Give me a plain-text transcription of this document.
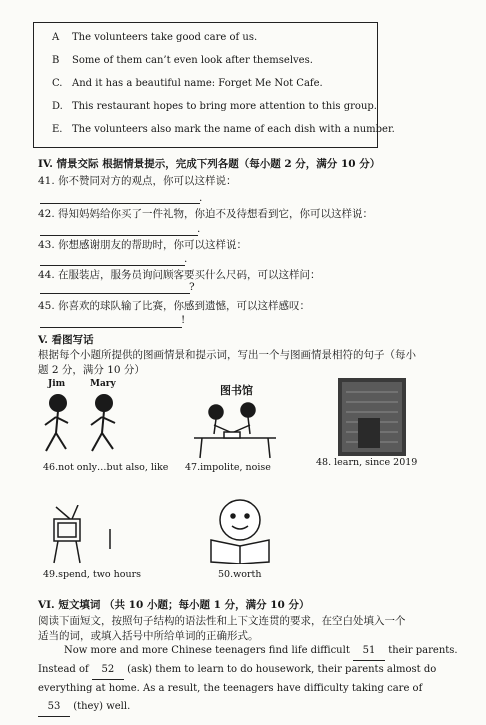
A The volunteers take good care of us.
B Some of them can’t even look after themselves.
C. And it has a beautiful name: Forget Me Not Cafe.
D. This restaurant hopes to bring more attention to this group.
E. The volunteers also mark the name of each dish with a number.
IV. 情景交际 根据情景提示，完成下列各题（每小题 2 分，满分 10 分）
41. 你不赞同对方的观点，你可以这样说：
.
42. 得知妈妈给你买了一件礼物，你迫不及待想看到它，你可以这样说：
.
43. 你想感谢朋友的帮助时，你可以这样说：
.
44. 在服装店，服务员询问顾客要买什么尺码，可以这样问：
?
45. 你喜欢的球队输了比赛，你感到遗憾，可以这样感叹：
!
V. 看图写话
根据每个小题所提供的图画情景和提示词，写出一个与图画情景相符的句子（每小
题 2 分，满分 10 分）
Jim	Mary
46.not only…but also, like
图书馆
47.impolite, noise	48. learn, since 2019
49.spend, two hours	50.worth
VI. 短文填词 （共 10 小题；每小题 1 分，满分 10 分）
阅读下面短文，按照句子结构的语法性和上下文连贯的要求，在空白处填入一个
适当的词，或填入括号中所给单词的正确形式。
Now more and more Chinese teenagers find life difficult 51 their parents.
Instead of 52 (ask) them to learn to do housework, their parents almost do
everything at home. As a result, the teenagers have difficulty taking care of
53 (they) well.
